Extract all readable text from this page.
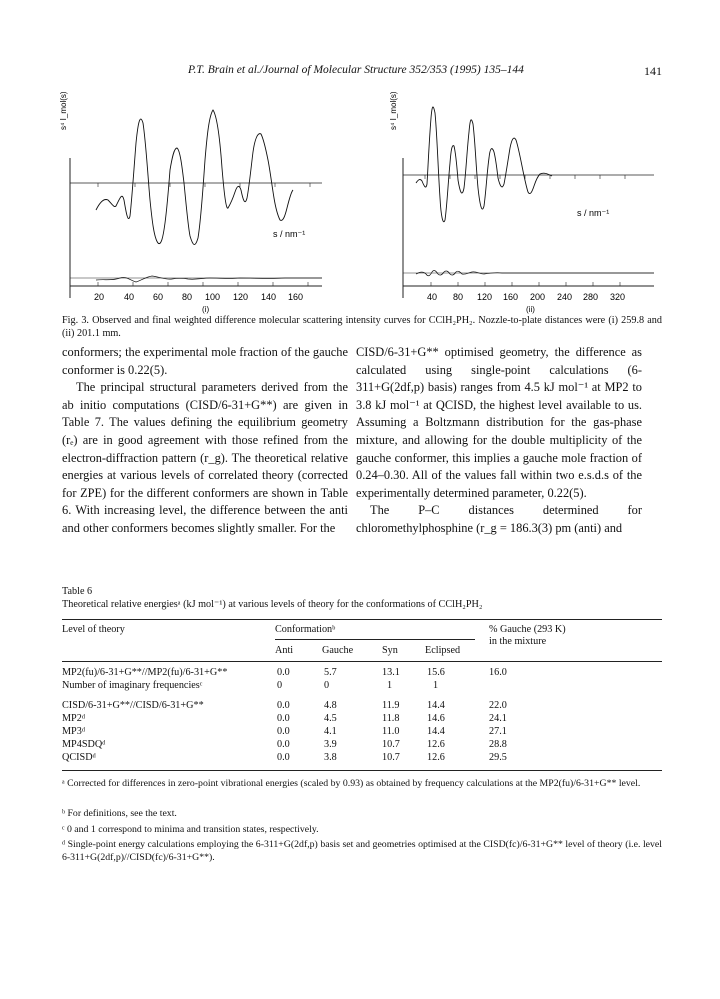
P.T. Brain et al./Journal of Molecular Structure 352/353 (1995) 135–144	141
s⁴ I_mol(s)
s / nm⁻¹
20 40 60 80 100 120 140 160
(i)
s⁴ I_mol(s)
s / nm⁻¹
40 80 120 160 200 240 280 320
(ii)
Fig. 3. Observed and final weighted difference molecular scattering intensity curves for CClH₂PH₂. Nozzle-to-plate distances were (i) 259.8 and (ii) 201.1 mm.

conformers; the experimental mole fraction of the gauche conformer is 0.22(5).

The principal structural parameters derived from the ab initio computations (CISD/6-31+G**) are given in Table 7. The values defining the equilibrium geometry (rₑ) are in good agreement with those refined from the electron-diffraction pattern (r_g). The theoretical relative energies at various levels of correlated theory (corrected for ZPE) for the different conformers are shown in Table 6. With increasing level, the difference between the anti and other conformers becomes slightly smaller. For the

CISD/6-31+G** optimised geometry, the difference as calculated using single-point calculations (6-311+G(2df,p) basis) ranges from 4.5 kJ mol⁻¹ at MP2 to 3.8 kJ mol⁻¹ at QCISD, the highest level available to us. Assuming a Boltzmann distribution for the gas-phase mixture, and allowing for the double multiplicity of the gauche conformer, this implies a gauche mole fraction of 0.24–0.30. All of the values fall within two e.s.d.s of the experimentally determined parameter, 0.22(5).

The P–C distances determined for chloromethylphosphine (r_g = 186.3(3) pm (anti) and

Table 6
Theoretical relative energiesᵃ (kJ mol⁻¹) at various levels of theory for the conformations of CClH₂PH₂
Level of theory	Conformationᵇ	% Gauche (293 K)
in the mixture
Anti	Gauche	Syn	Eclipsed
MP2(fu)/6-31+G**//MP2(fu)/6-31+G**	0.0	5.7	13.1	15.6	16.0
Number of imaginary frequenciesᶜ	0	0	1	1
CISD/6-31+G**//CISD/6-31+G**	0.0	4.8	11.9	14.4	22.0
MP2ᵈ	0.0	4.5	11.8	14.6	24.1
MP3ᵈ	0.0	4.1	11.0	14.4	27.1
MP4SDQᵈ	0.0	3.9	10.7	12.6	28.8
QCISDᵈ	0.0	3.8	10.7	12.6	29.5
ᵃ Corrected for differences in zero-point vibrational energies (scaled by 0.93) as obtained by frequency calculations at the MP2(fu)/6-31+G** level.
ᵇ For definitions, see the text.
ᶜ 0 and 1 correspond to minima and transition states, respectively.
ᵈ Single-point energy calculations employing the 6-311+G(2df,p) basis set and geometries optimised at the CISD(fc)/6-31+G** level of theory (i.e. level 6-311+G(2df,p)//CISD(fc)/6-31+G**).
